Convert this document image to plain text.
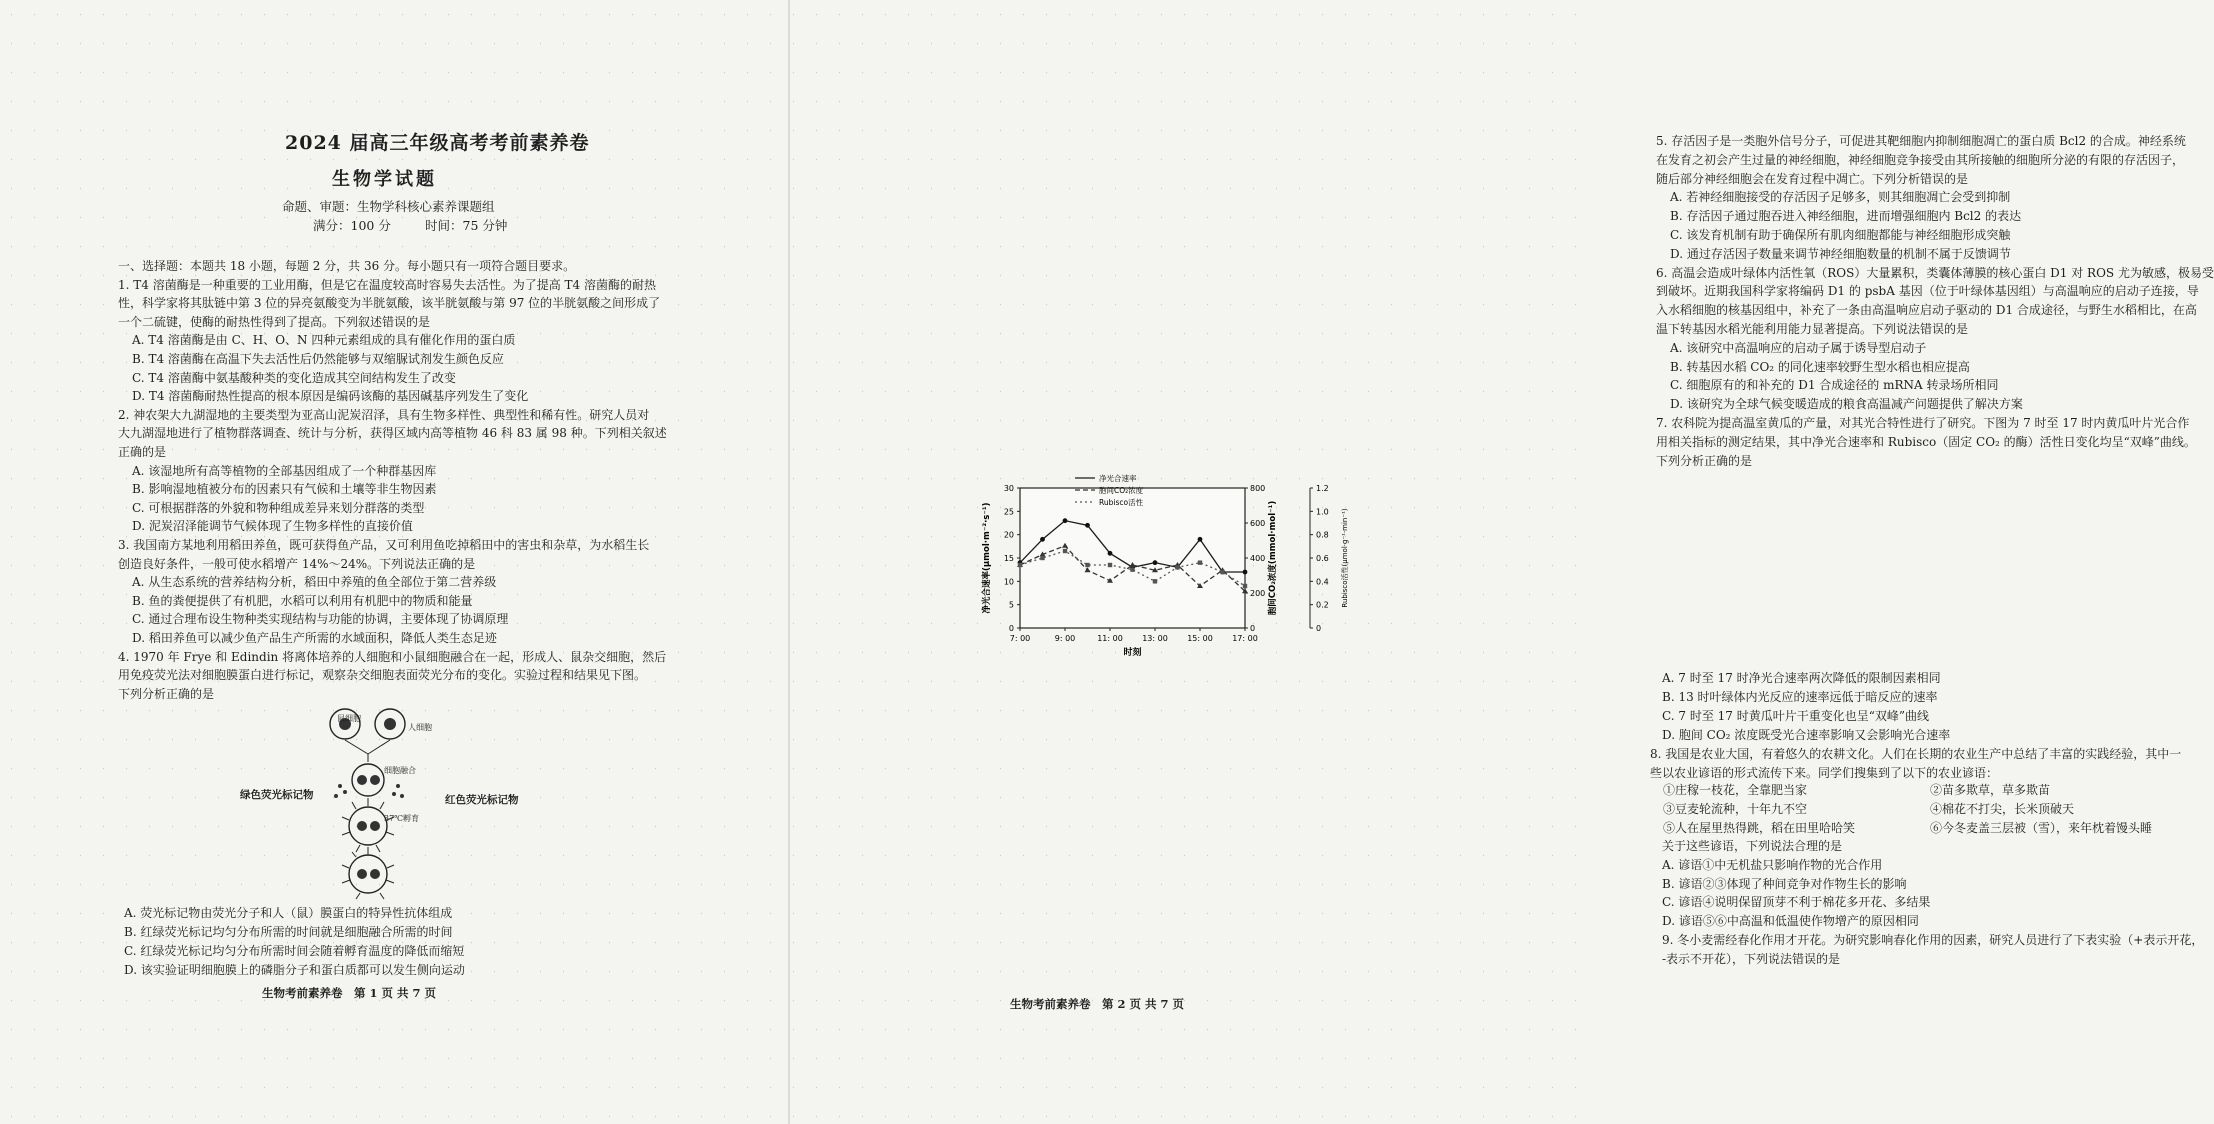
2024 届高三年级高考考前素养卷
生物学试题
命题、审题：生物学科核心素养课题组
满分：100 分	时间：75 分钟
一、选择题：本题共 18 小题，每题 2 分，共 36 分。每小题只有一项符合题目要求。
1. T4 溶菌酶是一种重要的工业用酶，但是它在温度较高时容易失去活性。为了提高 T4 溶菌酶的耐热
性，科学家将其肽链中第 3 位的异亮氨酸变为半胱氨酸，该半胱氨酸与第 97 位的半胱氨酸之间形成了
一个二硫键，使酶的耐热性得到了提高。下列叙述错误的是
A. T4 溶菌酶是由 C、H、O、N 四种元素组成的具有催化作用的蛋白质
B. T4 溶菌酶在高温下失去活性后仍然能够与双缩脲试剂发生颜色反应
C. T4 溶菌酶中氨基酸种类的变化造成其空间结构发生了改变
D. T4 溶菌酶耐热性提高的根本原因是编码该酶的基因碱基序列发生了变化
2. 神农架大九湖湿地的主要类型为亚高山泥炭沼泽，具有生物多样性、典型性和稀有性。研究人员对
大九湖湿地进行了植物群落调查、统计与分析，获得区域内高等植物 46 科 83 属 98 种。下列相关叙述
正确的是
A. 该湿地所有高等植物的全部基因组成了一个种群基因库
B. 影响湿地植被分布的因素只有气候和土壤等非生物因素
C. 可根据群落的外貌和物种组成差异来划分群落的类型
D. 泥炭沼泽能调节气候体现了生物多样性的直接价值
3. 我国南方某地利用稻田养鱼，既可获得鱼产品，又可利用鱼吃掉稻田中的害虫和杂草，为水稻生长
创造良好条件，一般可使水稻增产 14%～24%。下列说法正确的是
A. 从生态系统的营养结构分析，稻田中养殖的鱼全部位于第二营养级
B. 鱼的粪便提供了有机肥，水稻可以利用有机肥中的物质和能量
C. 通过合理布设生物种类实现结构与功能的协调，主要体现了协调原理
D. 稻田养鱼可以减少鱼产品生产所需的水域面积，降低人类生态足迹
4. 1970 年 Frye 和 Edindin 将离体培养的人细胞和小鼠细胞融合在一起，形成人、鼠杂交细胞，然后
用免疫荧光法对细胞膜蛋白进行标记，观察杂交细胞表面荧光分布的变化。实验过程和结果见下图。
下列分析正确的是
鼠细胞
人细胞
细胞融合
37℃孵育
绿色荧光标记物	红色荧光标记物
A. 荧光标记物由荧光分子和人（鼠）膜蛋白的特异性抗体组成
B. 红绿荧光标记均匀分布所需的时间就是细胞融合所需的时间
C. 红绿荧光标记均匀分布所需时间会随着孵育温度的降低而缩短
D. 该实验证明细胞膜上的磷脂分子和蛋白质都可以发生侧向运动
生物考前素养卷　第 1 页 共 7 页
5. 存活因子是一类胞外信号分子，可促进其靶细胞内抑制细胞凋亡的蛋白质 Bcl2 的合成。神经系统
在发育之初会产生过量的神经细胞，神经细胞竞争接受由其所接触的细胞所分泌的有限的存活因子，
随后部分神经细胞会在发育过程中凋亡。下列分析错误的是
A. 若神经细胞接受的存活因子足够多，则其细胞凋亡会受到抑制
B. 存活因子通过胞吞进入神经细胞，进而增强细胞内 Bcl2 的表达
C. 该发育机制有助于确保所有肌肉细胞都能与神经细胞形成突触
D. 通过存活因子数量来调节神经细胞数量的机制不属于反馈调节
6. 高温会造成叶绿体内活性氧（ROS）大量累积，类囊体薄膜的核心蛋白 D1 对 ROS 尤为敏感，极易受
到破坏。近期我国科学家将编码 D1 的 psbA 基因（位于叶绿体基因组）与高温响应的启动子连接，导
入水稻细胞的核基因组中，补充了一条由高温响应启动子驱动的 D1 合成途径，与野生水稻相比，在高
温下转基因水稻光能利用能力显著提高。下列说法错误的是
A. 该研究中高温响应的启动子属于诱导型启动子
B. 转基因水稻 CO₂ 的同化速率较野生型水稻也相应提高
C. 细胞原有的和补充的 D1 合成途径的 mRNA 转录场所相同
D. 该研究为全球气候变暖造成的粮食高温减产问题提供了解决方案
7. 农科院为提高温室黄瓜的产量，对其光合特性进行了研究。下图为 7 时至 17 时内黄瓜叶片光合作
用相关指标的测定结果，其中净光合速率和 Rubisco（固定 CO₂ 的酶）活性日变化均呈“双峰”曲线。
下列分析正确的是
0
5
10
15
20
25
30
0
200
400
600
800
0
0.2
0.4
0.6
0.8
1.0
1.2
7: 00	9: 00	11: 00 13: 00 15: 00 17: 00
时刻
净光合速率(μmol·m⁻²·s⁻¹)	胞间CO₂浓度(mmol·mol⁻¹)	Rubisco活性(μmol·g⁻¹·min⁻¹)
净光合速率
胞间CO₂浓度
Rubisco活性
A. 7 时至 17 时净光合速率两次降低的限制因素相同
B. 13 时叶绿体内光反应的速率远低于暗反应的速率
C. 7 时至 17 时黄瓜叶片干重变化也呈“双峰”曲线
D. 胞间 CO₂ 浓度既受光合速率影响又会影响光合速率
8. 我国是农业大国，有着悠久的农耕文化。人们在长期的农业生产中总结了丰富的实践经验，其中一
些以农业谚语的形式流传下来。同学们搜集到了以下的农业谚语：
①庄稼一枝花，全靠肥当家	②苗多欺草，草多欺苗
③豆麦轮流种，十年九不空	④棉花不打尖，长米顶破天
⑤人在屋里热得跳，稻在田里哈哈笑	⑥今冬麦盖三层被（雪），来年枕着馒头睡
关于这些谚语，下列说法合理的是
A. 谚语①中无机盐只影响作物的光合作用
B. 谚语②③体现了种间竞争对作物生长的影响
C. 谚语④说明保留顶芽不利于棉花多开花、多结果
D. 谚语⑤⑥中高温和低温使作物增产的原因相同
9. 冬小麦需经春化作用才开花。为研究影响春化作用的因素，研究人员进行了下表实验（+表示开花，
-表示不开花），下列说法错误的是
生物考前素养卷　第 2 页 共 7 页
